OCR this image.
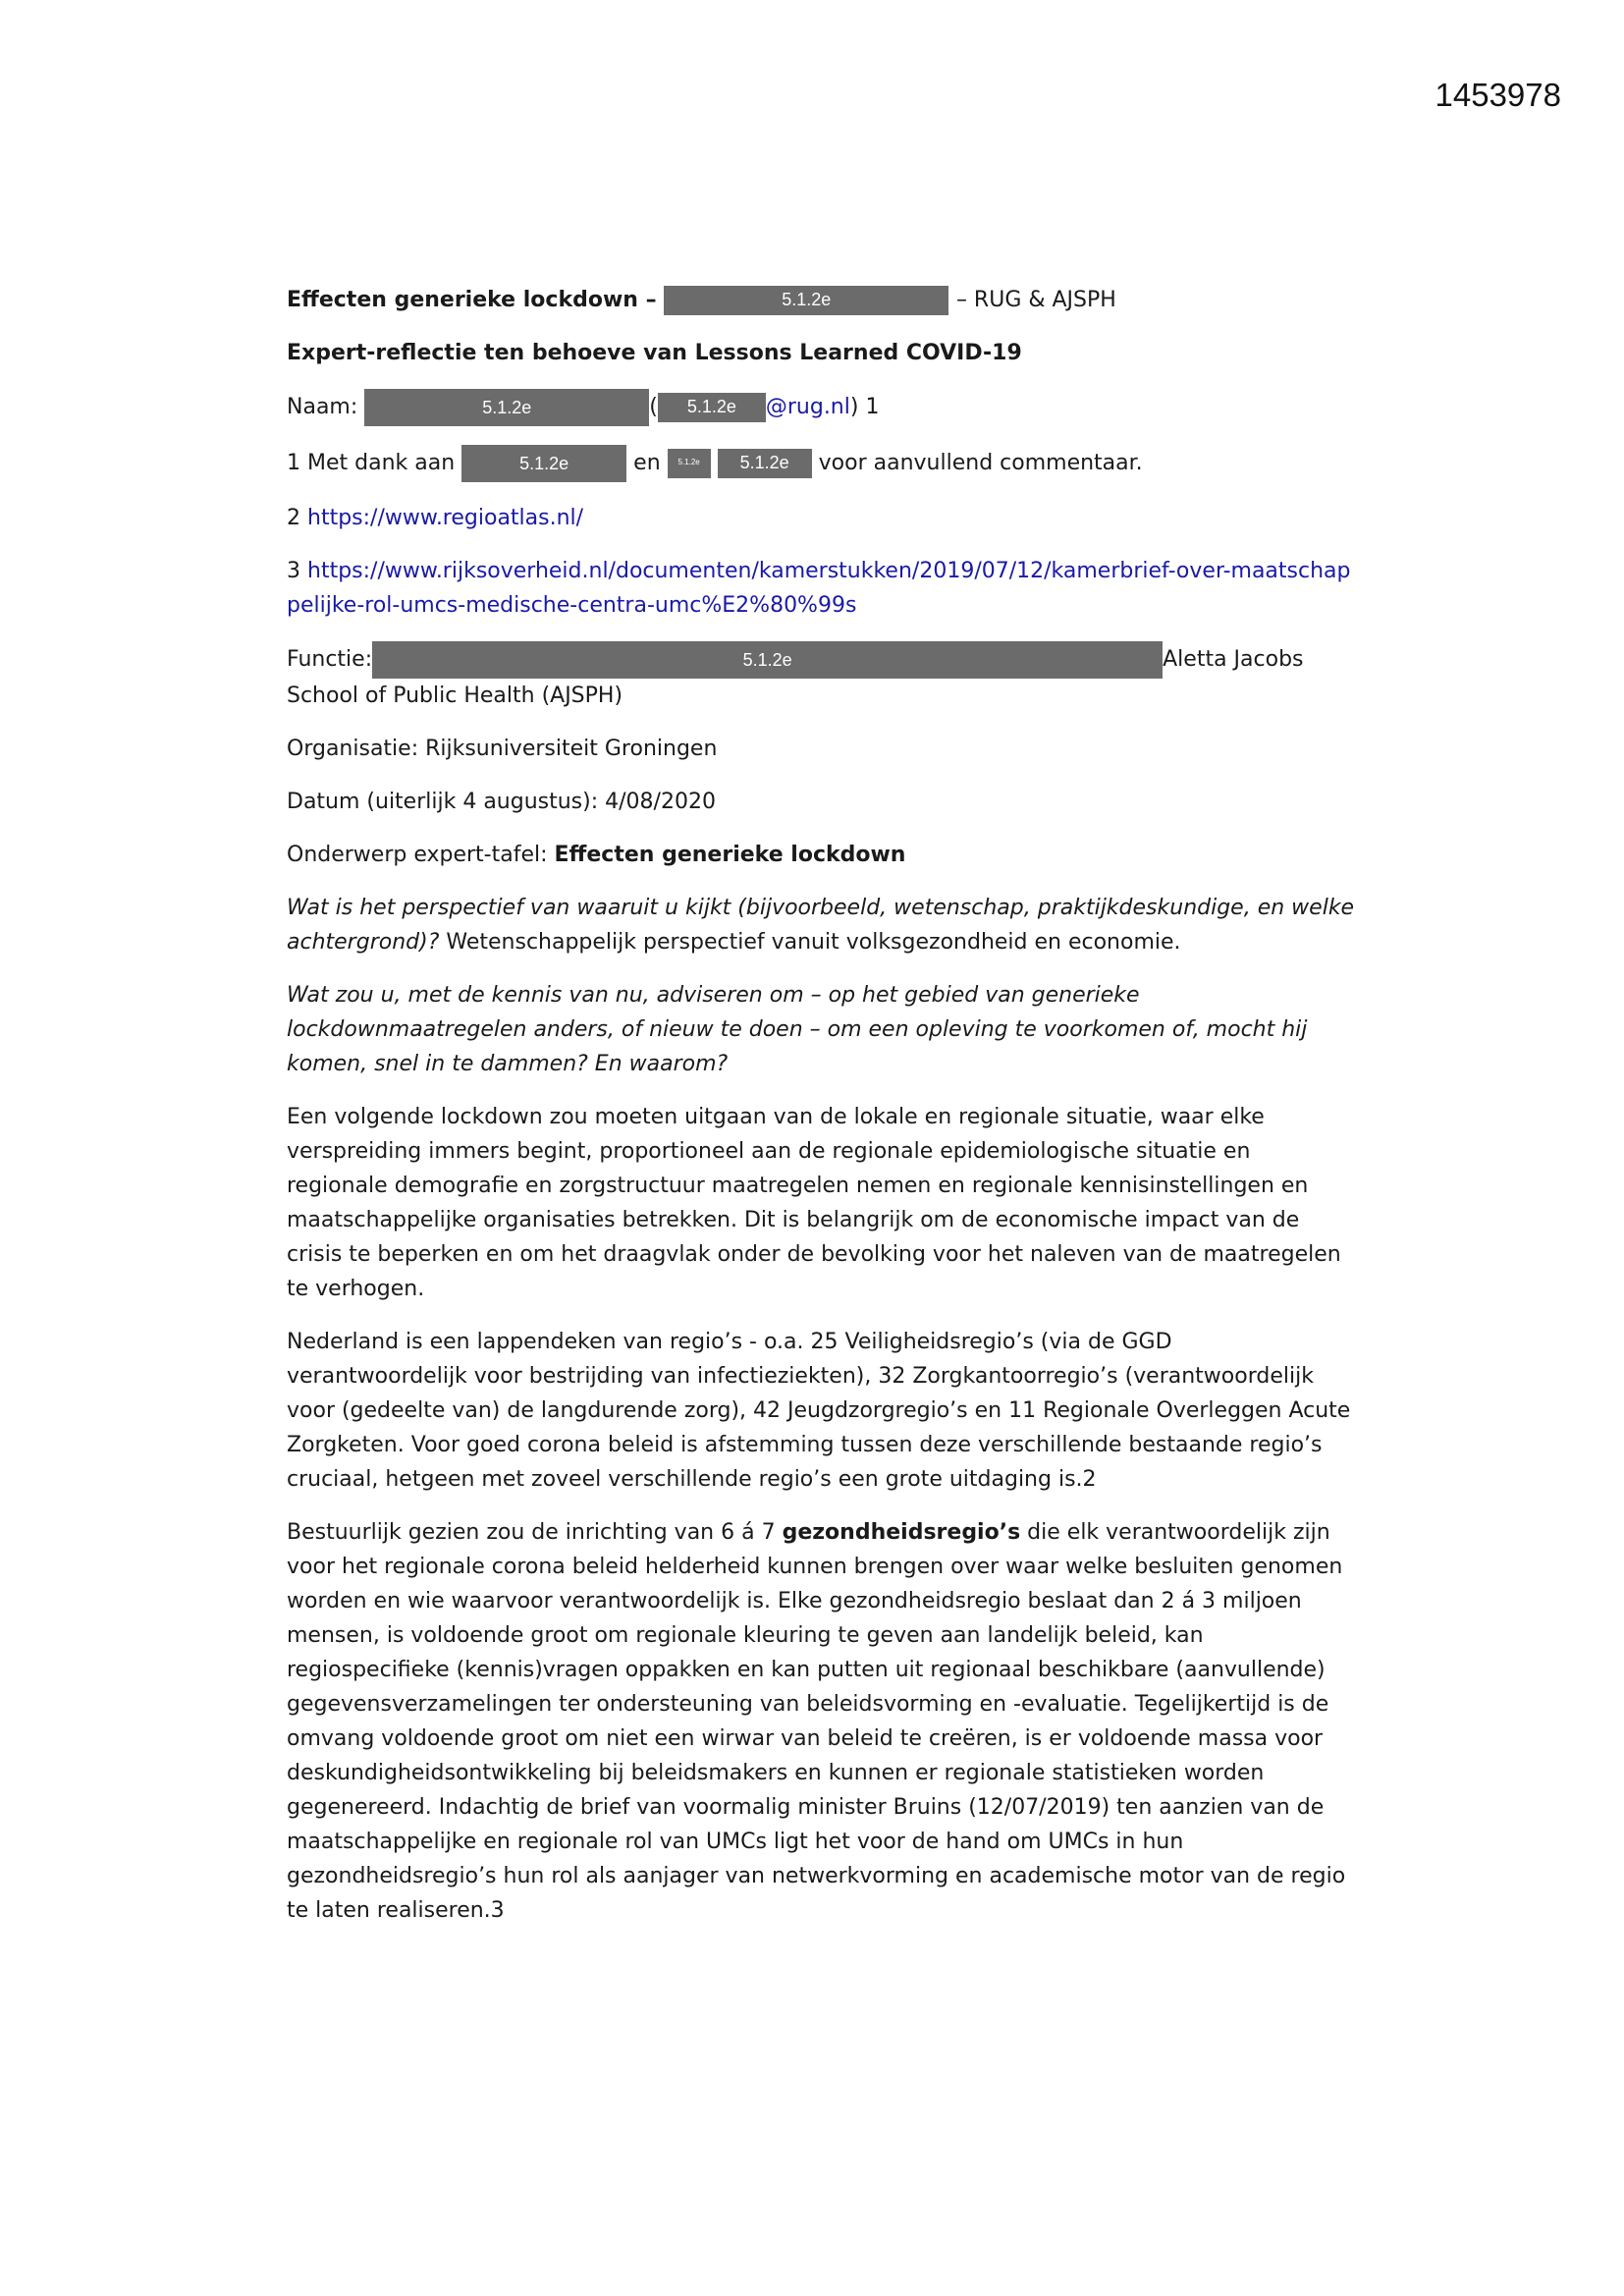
1453978

Effecten generieke lockdown –	5.1.2e	– RUG & AJSPH

Expert-reflectie ten behoeve van Lessons Learned COVID-19

Naam:	5.1.2e	( 5.1.2e @rug.nl) 1

1 Met dank aan	5.1.2e	en 5.1.2e 5.1.2e voor aanvullend commentaar.

2 https://www.regioatlas.nl/

3 https://www.rijksoverheid.nl/documenten/kamerstukken/2019/07/12/kamerbrief-over-maatschappelijke-rol-umcs-medische-centra-umc%E2%80%99s

Functie:	5.1.2e	Aletta Jacobs School of Public Health (AJSPH)

Organisatie: Rijksuniversiteit Groningen

Datum (uiterlijk 4 augustus): 4/08/2020

Onderwerp expert-tafel: Effecten generieke lockdown

Wat is het perspectief van waaruit u kijkt (bijvoorbeeld, wetenschap, praktijkdeskundige, en welke achtergrond)? Wetenschappelijk perspectief vanuit volksgezondheid en economie.

Wat zou u, met de kennis van nu, adviseren om – op het gebied van generieke lockdownmaatregelen anders, of nieuw te doen – om een opleving te voorkomen of, mocht hij komen, snel in te dammen? En waarom?

Een volgende lockdown zou moeten uitgaan van de lokale en regionale situatie, waar elke verspreiding immers begint, proportioneel aan de regionale epidemiologische situatie en regionale demografie en zorgstructuur maatregelen nemen en regionale kennisinstellingen en maatschappelijke organisaties betrekken. Dit is belangrijk om de economische impact van de crisis te beperken en om het draagvlak onder de bevolking voor het naleven van de maatregelen te verhogen.

Nederland is een lappendeken van regio’s - o.a. 25 Veiligheidsregio’s (via de GGD verantwoordelijk voor bestrijding van infectieziekten), 32 Zorgkantoorregio’s (verantwoordelijk voor (gedeelte van) de langdurende zorg), 42 Jeugdzorgregio’s en 11 Regionale Overleggen Acute Zorgketen. Voor goed corona beleid is afstemming tussen deze verschillende bestaande regio’s cruciaal, hetgeen met zoveel verschillende regio’s een grote uitdaging is.2

Bestuurlijk gezien zou de inrichting van 6 á 7 gezondheidsregio’s die elk verantwoordelijk zijn voor het regionale corona beleid helderheid kunnen brengen over waar welke besluiten genomen worden en wie waarvoor verantwoordelijk is. Elke gezondheidsregio beslaat dan 2 á 3 miljoen mensen, is voldoende groot om regionale kleuring te geven aan landelijk beleid, kan regiospecifieke (kennis)vragen oppakken en kan putten uit regionaal beschikbare (aanvullende) gegevensverzamelingen ter ondersteuning van beleidsvorming en -evaluatie. Tegelijkertijd is de omvang voldoende groot om niet een wirwar van beleid te creëren, is er voldoende massa voor deskundigheidsontwikkeling bij beleidsmakers en kunnen er regionale statistieken worden gegenereerd. Indachtig de brief van voormalig minister Bruins (12/07/2019) ten aanzien van de maatschappelijke en regionale rol van UMCs ligt het voor de hand om UMCs in hun gezondheidsregio’s hun rol als aanjager van netwerkvorming en academische motor van de regio te laten realiseren.3
